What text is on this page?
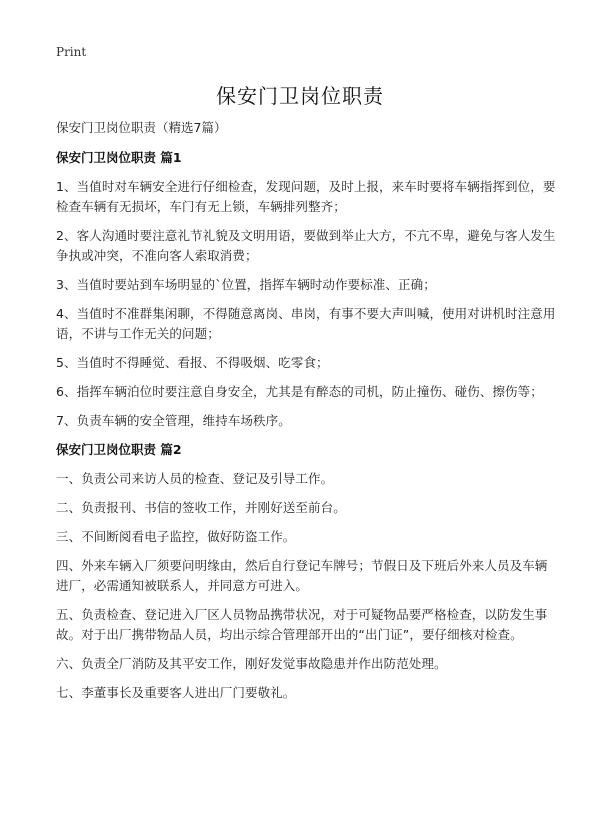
Print
保安门卫岗位职责

保安门卫岗位职责（精选7篇）

保安门卫岗位职责 篇1

1、当值时对车辆安全进行仔细检查，发现问题，及时上报，来车时要将车辆指挥到位，要检查车辆有无损坏，车门有无上锁，车辆排列整齐；

2、客人沟通时要注意礼节礼貌及文明用语，要做到举止大方，不亢不卑，避免与客人发生争执或冲突，不准向客人索取消费；

3、当值时要站到车场明显的`位置，指挥车辆时动作要标准、正确；

4、当值时不准群集闲聊，不得随意离岗、串岗，有事不要大声叫喊，使用对讲机时注意用语，不讲与工作无关的问题；

5、当值时不得睡觉、看报、不得吸烟、吃零食；

6、指挥车辆泊位时要注意自身安全，尤其是有醉态的司机，防止撞伤、碰伤、擦伤等；

7、负责车辆的安全管理，维持车场秩序。

保安门卫岗位职责 篇2

一、负责公司来访人员的检查、登记及引导工作。

二、负责报刊、书信的签收工作，并刚好送至前台。

三、不间断阅看电子监控，做好防盗工作。

四、外来车辆入厂须要问明缘由，然后自行登记车牌号；节假日及下班后外来人员及车辆进厂，必需通知被联系人，并同意方可进入。

五、负责检查、登记进入厂区人员物品携带状况，对于可疑物品要严格检查，以防发生事故。对于出厂携带物品人员，均出示综合管理部开出的“出门证”，要仔细核对检查。

六、负责全厂消防及其平安工作，刚好发觉事故隐患并作出防范处理。

七、李董事长及重要客人进出厂门要敬礼。
